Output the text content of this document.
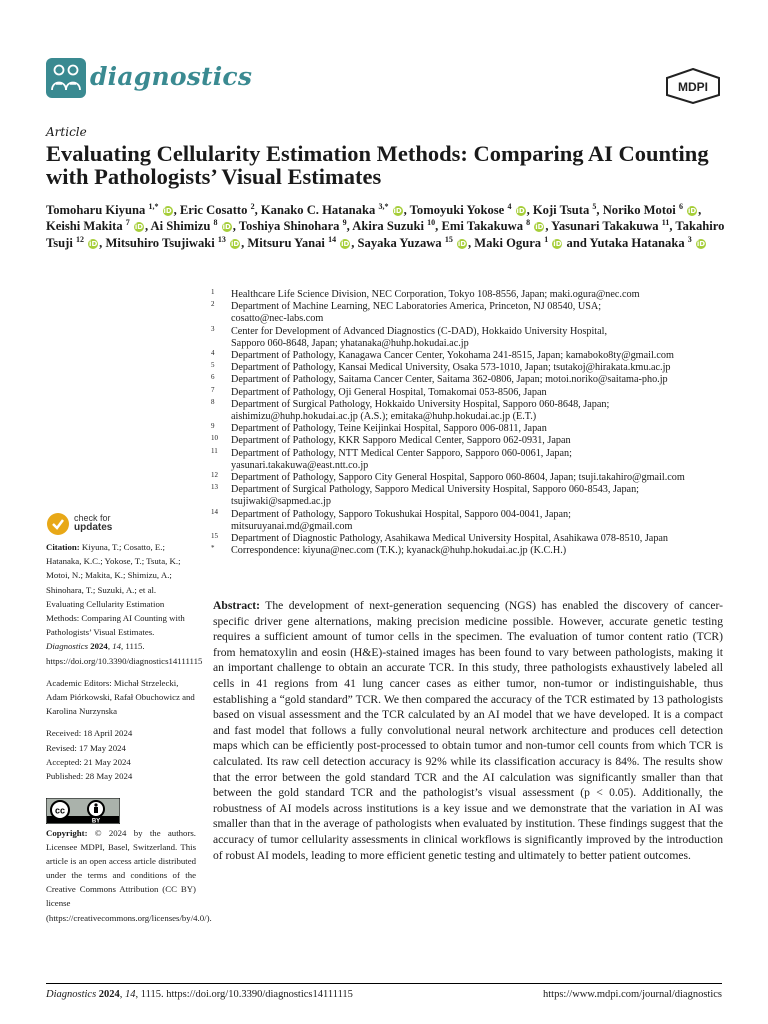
diagnostics	MDPI
Article
Evaluating Cellularity Estimation Methods: Comparing AI Counting with Pathologists’ Visual Estimates
Tomoharu Kiyuna $^{1,*}$ iD , Eric Cosatto $^2$, Kanako C. Hatanaka $^{3,*}$ iD , Tomoyuki Yokose $^4$ iD , Koji Tsuta $^5$, Noriko Motoi $^6$ iD , Keishi Makita $^7$ iD , Ai Shimizu $^8$ iD , Toshiya Shinohara $^9$, Akira Suzuki $^{10}$, Emi Takakuwa $^8$ iD , Yasunari Takakuwa $^{11}$, Takahiro Tsuji $^{12}$ iD , Mitsuhiro Tsujiwaki $^{13}$ iD , Mitsuru Yanai $^{14}$ iD , Sayaka Yuzawa $^{15}$ iD , Maki Ogura $^1$ iD and Yutaka Hatanaka $^3$ iD
1 Healthcare Life Science Division, NEC Corporation, Tokyo 108-8556, Japan; maki.ogura@nec.com
2 Department of Machine Learning, NEC Laboratories America, Princeton, NJ 08540, USA;
cosatto@nec-labs.com
3 Center for Development of Advanced Diagnostics (C-DAD), Hokkaido University Hospital,
Sapporo 060-8648, Japan; yhatanaka@huhp.hokudai.ac.jp
4 Department of Pathology, Kanagawa Cancer Center, Yokohama 241-8515, Japan; kamaboko8ty@gmail.com
5 Department of Pathology, Kansai Medical University, Osaka 573-1010, Japan; tsutakoj@hirakata.kmu.ac.jp
6 Department of Pathology, Saitama Cancer Center, Saitama 362-0806, Japan; motoi.noriko@saitama-pho.jp
7 Department of Pathology, Oji General Hospital, Tomakomai 053-8506, Japan
8 Department of Surgical Pathology, Hokkaido University Hospital, Sapporo 060-8648, Japan;
aishimizu@huhp.hokudai.ac.jp (A.S.); emitaka@huhp.hokudai.ac.jp (E.T.)
9 Department of Pathology, Teine Keijinkai Hospital, Sapporo 006-0811, Japan
10 Department of Pathology, KKR Sapporo Medical Center, Sapporo 062-0931, Japan
11 Department of Pathology, NTT Medical Center Sapporo, Sapporo 060-0061, Japan;
yasunari.takakuwa@east.ntt.co.jp
12 Department of Pathology, Sapporo City General Hospital, Sapporo 060-8604, Japan; tsuji.takahiro@gmail.com
13 Department of Surgical Pathology, Sapporo Medical University Hospital, Sapporo 060-8543, Japan;
tsujiwaki@sapmed.ac.jp
14 Department of Pathology, Sapporo Tokushukai Hospital, Sapporo 004-0041, Japan;
mitsuruyanai.md@gmail.com
15 Department of Diagnostic Pathology, Asahikawa Medical University Hospital, Asahikawa 078-8510, Japan
* Correspondence: kiyuna@nec.com (T.K.); kyanack@huhp.hokudai.ac.jp (K.C.H.)
check for
updates
Citation: Kiyuna, T.; Cosatto, E.; Hatanaka, K.C.; Yokose, T.; Tsuta, K.; Motoi, N.; Makita, K.; Shimizu, A.; Shinohara, T.; Suzuki, A.; et al. Evaluating Cellularity Estimation Methods: Comparing AI Counting with Pathologists’ Visual Estimates. Diagnostics 2024, 14, 1115. https://doi.org/10.3390/diagnostics14111115
Academic Editors: Michał Strzelecki, Adam Piórkowski, Rafał Obuchowicz and Karolina Nurzynska

Received: 18 April 2024

Revised: 17 May 2024

Accepted: 21 May 2024

Published: 28 May 2024

cc
BY
Copyright: © 2024 by the authors. Licensee MDPI, Basel, Switzerland. This article is an open access article distributed under the terms and conditions of the Creative Commons Attribution (CC BY) license (https://creativecommons.org/licenses/by/4.0/).
Abstract: The development of next-generation sequencing (NGS) has enabled the discovery of cancer-specific driver gene alternations, making precision medicine possible. However, accurate genetic testing requires a sufficient amount of tumor cells in the specimen. The evaluation of tumor content ratio (TCR) from hematoxylin and eosin (H&E)-stained images has been found to vary between pathologists, making it an important challenge to obtain an accurate TCR. In this study, three pathologists exhaustively labeled all cells in 41 regions from 41 lung cancer cases as either tumor, non-tumor or indistinguishable, thus establishing a “gold standard” TCR. We then compared the accuracy of the TCR estimated by 13 pathologists based on visual assessment and the TCR calculated by an AI model that we have developed. It is a compact and fast model that follows a fully convolutional neural network architecture and produces cell detection maps which can be efficiently post-processed to obtain tumor and non-tumor cell counts from which TCR is calculated. Its raw cell detection accuracy is 92% while its classification accuracy is 84%. The results show that the error between the gold standard TCR and the AI calculation was significantly smaller than that between the gold standard TCR and the pathologist’s visual assessment (p < 0.05). Additionally, the robustness of AI models across institutions is a key issue and we demonstrate that the variation in AI was smaller than that in the average of pathologists when evaluated by institution. These findings suggest that the accuracy of tumor cellularity assessments in clinical workflows is significantly improved by the introduction of robust AI models, leading to more efficient genetic testing and ultimately to better patient outcomes.
Diagnostics 2024, 14, 1115. https://doi.org/10.3390/diagnostics14111115	https://www.mdpi.com/journal/diagnostics
